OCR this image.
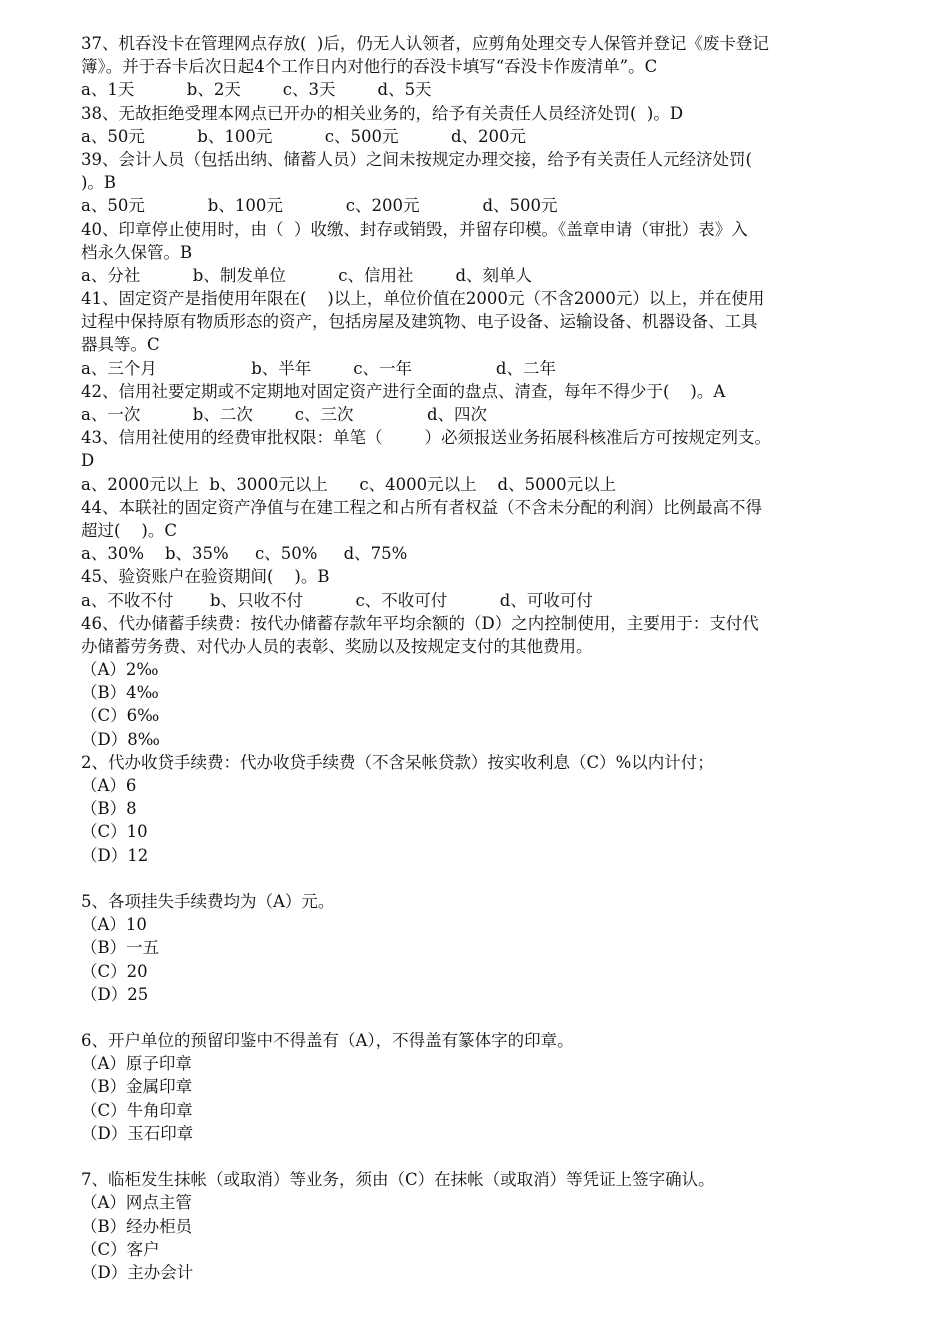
37、机吞没卡在管理网点存放(  )后，仍无人认领者，应剪角处理交专人保管并登记《废卡登记
簿》。并于吞卡后次日起4个工作日内对他行的吞没卡填写“吞没卡作废清单”。C
a、1天          b、2天        c、3天        d、5天
38、无故拒绝受理本网点已开办的相关业务的，给予有关责任人员经济处罚(  )。D
a、50元          b、100元          c、500元          d、200元
39、会计人员（包括出纳、储蓄人员）之间未按规定办理交接，给予有关责任人元经济处罚(
)。B
a、50元            b、100元            c、200元            d、500元
40、印章停止使用时，由（  ）收缴、封存或销毁，并留存印模。《盖章申请（审批）表》入
档永久保管。B
a、分社          b、制发单位          c、信用社        d、刻单人
41、固定资产是指使用年限在(    )以上，单位价值在2000元（不含2000元）以上，并在使用
过程中保持原有物质形态的资产，包括房屋及建筑物、电子设备、运输设备、机器设备、工具
器具等。C
a、三个月                  b、半年        c、一年                d、二年
42、信用社要定期或不定期地对固定资产进行全面的盘点、清查，每年不得少于(    )。A
a、一次          b、二次        c、三次              d、四次
43、信用社使用的经费审批权限：单笔（        ）必须报送业务拓展科核准后方可按规定列支。
D
a、2000元以上  b、3000元以上      c、4000元以上    d、5000元以上
44、本联社的固定资产净值与在建工程之和占所有者权益（不含未分配的利润）比例最高不得
超过(    )。C
a、30%    b、35%     c、50%     d、75%
45、验资账户在验资期间(    )。B
a、不收不付       b、只收不付          c、不收可付          d、可收可付
46、代办储蓄手续费：按代办储蓄存款年平均余额的（D）之内控制使用，主要用于：支付代
办储蓄劳务费、对代办人员的表彰、奖励以及按规定支付的其他费用。
（A）2‰
（B）4‰
（C）6‰
（D）8‰
2、代办收贷手续费：代办收贷手续费（不含呆帐贷款）按实收利息（C）%以内计付；
（A）6
（B）8
（C）10
（D）12
5、各项挂失手续费均为（A）元。
（A）10
（B）一五
（C）20
（D）25
6、开户单位的预留印鉴中不得盖有（A），不得盖有篆体字的印章。
（A）原子印章
（B）金属印章
（C）牛角印章
（D）玉石印章
7、临柜发生抹帐（或取消）等业务，须由（C）在抹帐（或取消）等凭证上签字确认。
（A）网点主管
（B）经办柜员
（C）客户
（D）主办会计
